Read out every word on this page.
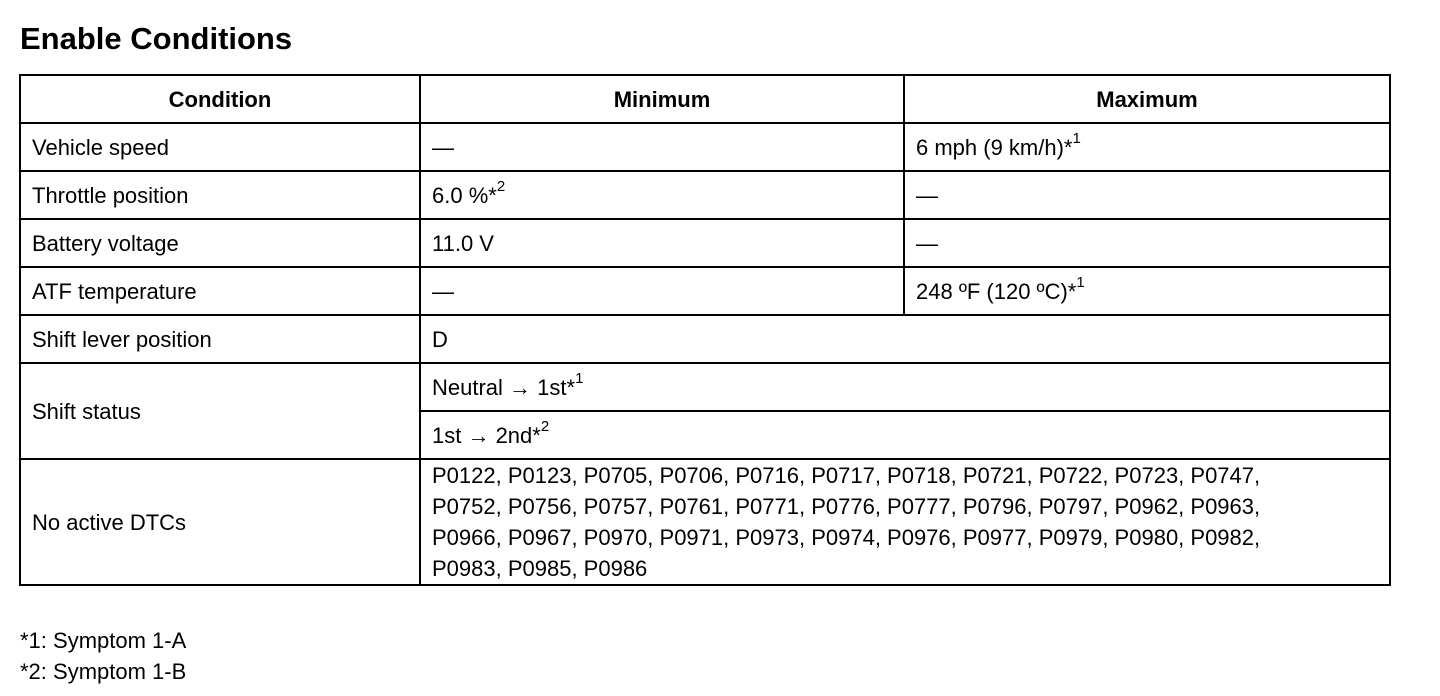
Enable Conditions
Condition	Minimum	Maximum
Vehicle speed	—	6 mph (9 km/h)*$^1$
Throttle position	6.0 %*$^2$	—
Battery voltage	11.0 V	—
ATF temperature	—	248 ºF (120 ºC)*$^1$
Shift lever position	D	
Shift status	Neutral → 1st*$^1$
	1st → 2nd*$^2$
No active DTCs	P0122, P0123, P0705, P0706, P0716, P0717, P0718, P0721, P0722, P0723, P0747,
P0752, P0756, P0757, P0761, P0771, P0776, P0777, P0796, P0797, P0962, P0963,
P0966, P0967, P0970, P0971, P0973, P0974, P0976, P0977, P0979, P0980, P0982,
P0983, P0985, P0986	

*1: Symptom 1-A

*2: Symptom 1-B
